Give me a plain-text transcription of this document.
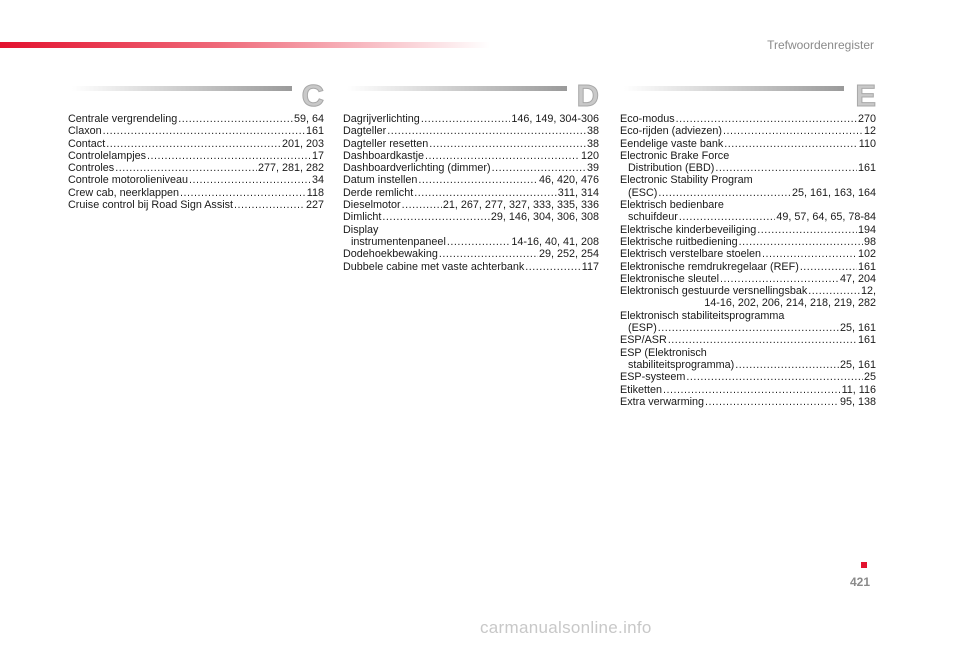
Trefwoordenregister
C
Centrale vergrendeling .....	59, 64
Claxon .....	161
Contact .....	201, 203
Controlelampjes .....	17
Controles .....	277, 281, 282
Controle motorolieniveau .....	34
Crew cab, neerklappen .....	118
Cruise control bij Road Sign Assist .....	227
D
Dagrijverlichting .....	146, 149, 304-306
Dagteller .....	38
Dagteller resetten .....	38
Dashboardkastje .....	120
Dashboardverlichting (dimmer) .....	39
Datum instellen .....	46, 420, 476
Derde remlicht .....	311, 314
Dieselmotor .....	21, 267, 277, 327, 333, 335, 336
Dimlicht .....	29, 146, 304, 306, 308
Display
instrumentenpaneel .....	14-16, 40, 41, 208
Dodehoekbewaking .....	29, 252, 254
Dubbele cabine met vaste achterbank .....	117
E
Eco-modus .....	270
Eco-rijden (adviezen) .....	12
Eendelige vaste bank .....	110
Electronic Brake Force
Distribution (EBD) .....	161
Electronic Stability Program
(ESC) .....	25, 161, 163, 164
Elektrisch bedienbare
schuifdeur .....	49, 57, 64, 65, 78-84
Elektrische kinderbeveiliging .....	194
Elektrische ruitbediening .....	98
Elektrisch verstelbare stoelen .....	102
Elektronische remdrukregelaar (REF) .....	161
Elektronische sleutel .....	47, 204
Elektronisch gestuurde versnellingsbak .....	12,
14-16, 202, 206, 214, 218, 219, 282
Elektronisch stabiliteitsprogramma
(ESP) .....	25, 161
ESP/ASR .....	161
ESP (Elektronisch
stabiliteitsprogramma) .....	25, 161
ESP-systeem .....	25
Etiketten .....	11, 116
Extra verwarming .....	95, 138
421
carmanualsonline.info
